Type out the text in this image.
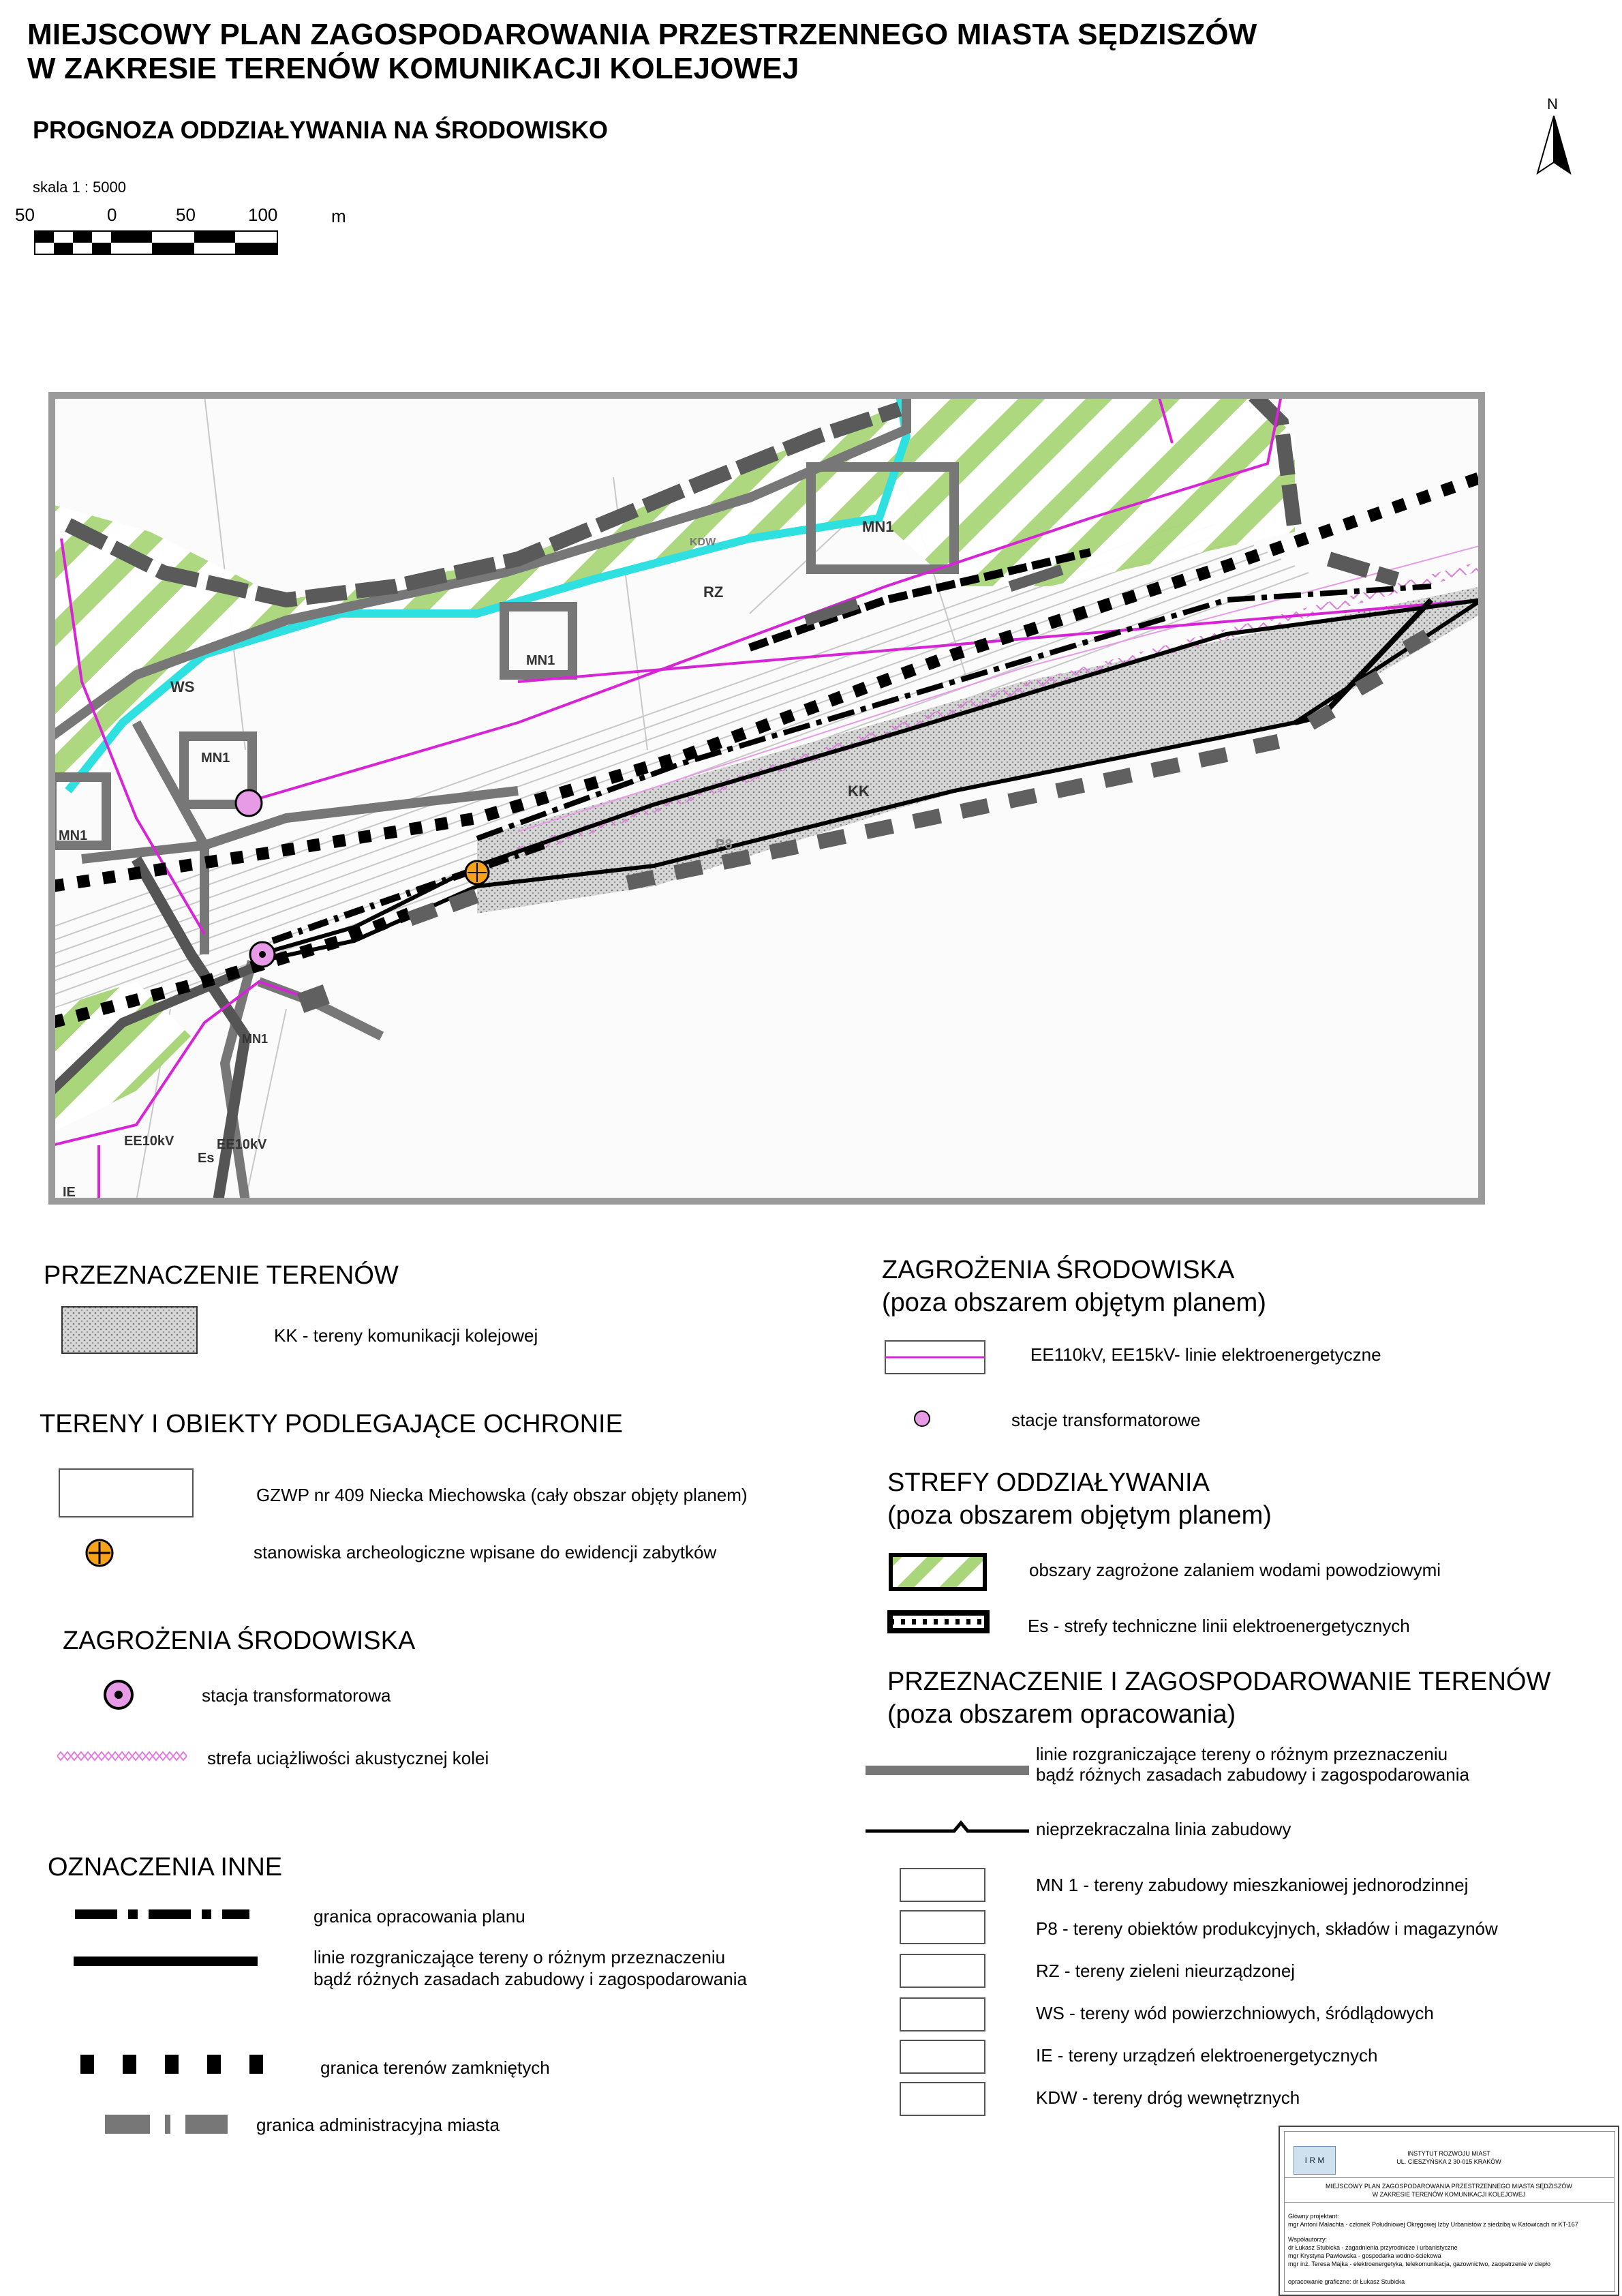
MIEJSCOWY PLAN ZAGOSPODAROWANIA PRZESTRZENNEGO MIASTA SĘDZISZÓW
W ZAKRESIE TERENÓW KOMUNIKACJI KOLEJOWEJ
PROGNOZA ODDZIAŁYWANIA NA ŚRODOWISKO
skala 1 : 5000
50	0	50	100	m
N
MN1
MN1
MN1
MN1
MN1
RZ
WS
KK
P8
Es
EE10kV	EE10kV
IE
KDW
PRZEZNACZENIE TERENÓW
KK - tereny komunikacji kolejowej
TERENY I OBIEKTY PODLEGAJĄCE OCHRONIE
GZWP nr 409 Niecka Miechowska (cały obszar objęty planem)
stanowiska archeologiczne wpisane do ewidencji zabytków
ZAGROŻENIA ŚRODOWISKA
stacja transformatorowa
strefa uciążliwości akustycznej kolei
OZNACZENIA INNE
granica opracowania planu
linie rozgraniczające tereny o różnym przeznaczeniu
bądź różnych zasadach zabudowy i zagospodarowania
granica terenów zamkniętych
granica administracyjna miasta
ZAGROŻENIA ŚRODOWISKA
(poza obszarem objętym planem)
EE110kV, EE15kV- linie elektroenergetyczne
stacje transformatorowe
STREFY ODDZIAŁYWANIA
(poza obszarem objętym planem)
obszary zagrożone zalaniem wodami powodziowymi
Es - strefy techniczne linii elektroenergetycznych
PRZEZNACZENIE I ZAGOSPODAROWANIE TERENÓW
(poza obszarem opracowania)
linie rozgraniczające tereny o różnym przeznaczeniu
bądź różnych zasadach zabudowy i zagospodarowania
nieprzekraczalna linia zabudowy
MN 1 - tereny zabudowy mieszkaniowej jednorodzinnej
P8 - tereny obiektów produkcyjnych, składów i magazynów
RZ - tereny zieleni nieurządzonej
WS - tereny wód powierzchniowych, śródlądowych
IE - tereny urządzeń elektroenergetycznych
KDW - tereny dróg wewnętrznych
I R M
INSTYTUT ROZWOJU MIAST
UL. CIESZYŃSKA 2 30-015 KRAKÓW
MIEJSCOWY PLAN ZAGOSPODAROWANIA PRZESTRZENNEGO MIASTA SĘDZISZÓW
W ZAKRESIE TERENÓW KOMUNIKACJI KOLEJOWEJ
Główny projektant:
mgr Antoni Malachta - członek Południowej Okręgowej Izby Urbanistów z siedzibą w Katowicach nr KT-167
Współautorzy:
dr Łukasz Stubicka - zagadnienia przyrodnicze i urbanistyczne
mgr Krystyna Pawłowska - gospodarka wodno-ściekowa
mgr inż. Teresa Majka - elektroenergetyka, telekomunikacja, gazownictwo, zaopatrzenie w ciepło
opracowanie graficzne: dr Łukasz Stubicka
